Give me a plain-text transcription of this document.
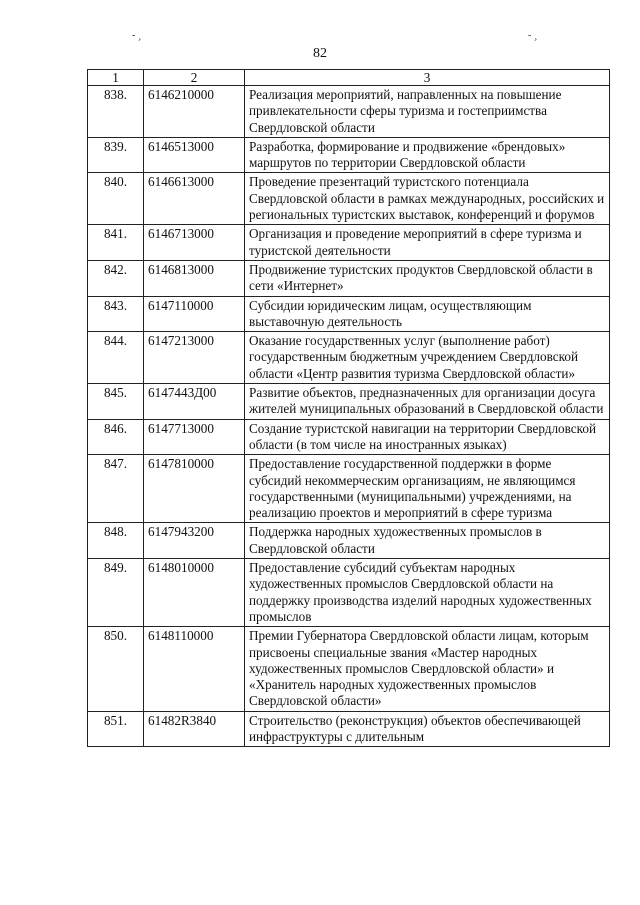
- ¸	- ¸
82
1	2	3
838.	6146210000	Реализация мероприятий, направленных на повышение привлекательности сферы туризма и гостеприимства Свердловской области
839.	6146513000	Разработка, формирование и продвижение «брендовых» маршрутов по территории Свердловской области
840.	6146613000	Проведение презентаций туристского потенциала Свердловской области в рамках международных, российских и региональных туристских выставок, конференций и форумов
841.	6146713000	Организация и проведение мероприятий в сфере туризма и туристской деятельности
842.	6146813000	Продвижение туристских продуктов Свердловской области в сети «Интернет»
843.	6147110000	Субсидии юридическим лицам, осуществляющим выставочную деятельность
844.	6147213000	Оказание государственных услуг (выполнение работ) государственным бюджетным учреждением Свердловской области «Центр развития туризма Свердловской области»
845.	6147443Д00	Развитие объектов, предназначенных для организации досуга жителей муниципальных образований в Свердловской области
846.	6147713000	Создание туристской навигации на территории Свердловской области (в том числе на иностранных языках)
847.	6147810000	Предоставление государственной поддержки в форме субсидий некоммерческим организациям, не являющимся государственными (муниципальными) учреждениями, на реализацию проектов и мероприятий в сфере туризма
848.	6147943200	Поддержка народных художественных промыслов в Свердловской области
849.	6148010000	Предоставление субсидий субъектам народных художественных промыслов Свердловской области на поддержку производства изделий народных художественных промыслов
850.	6148110000	Премии Губернатора Свердловской области лицам, которым присвоены специальные звания «Мастер народных художественных промыслов Свердловской области» и «Хранитель народных художественных промыслов Свердловской области»
851.	61482R3840	Строительство (реконструкция) объектов обеспечивающей инфраструктуры с длительным
